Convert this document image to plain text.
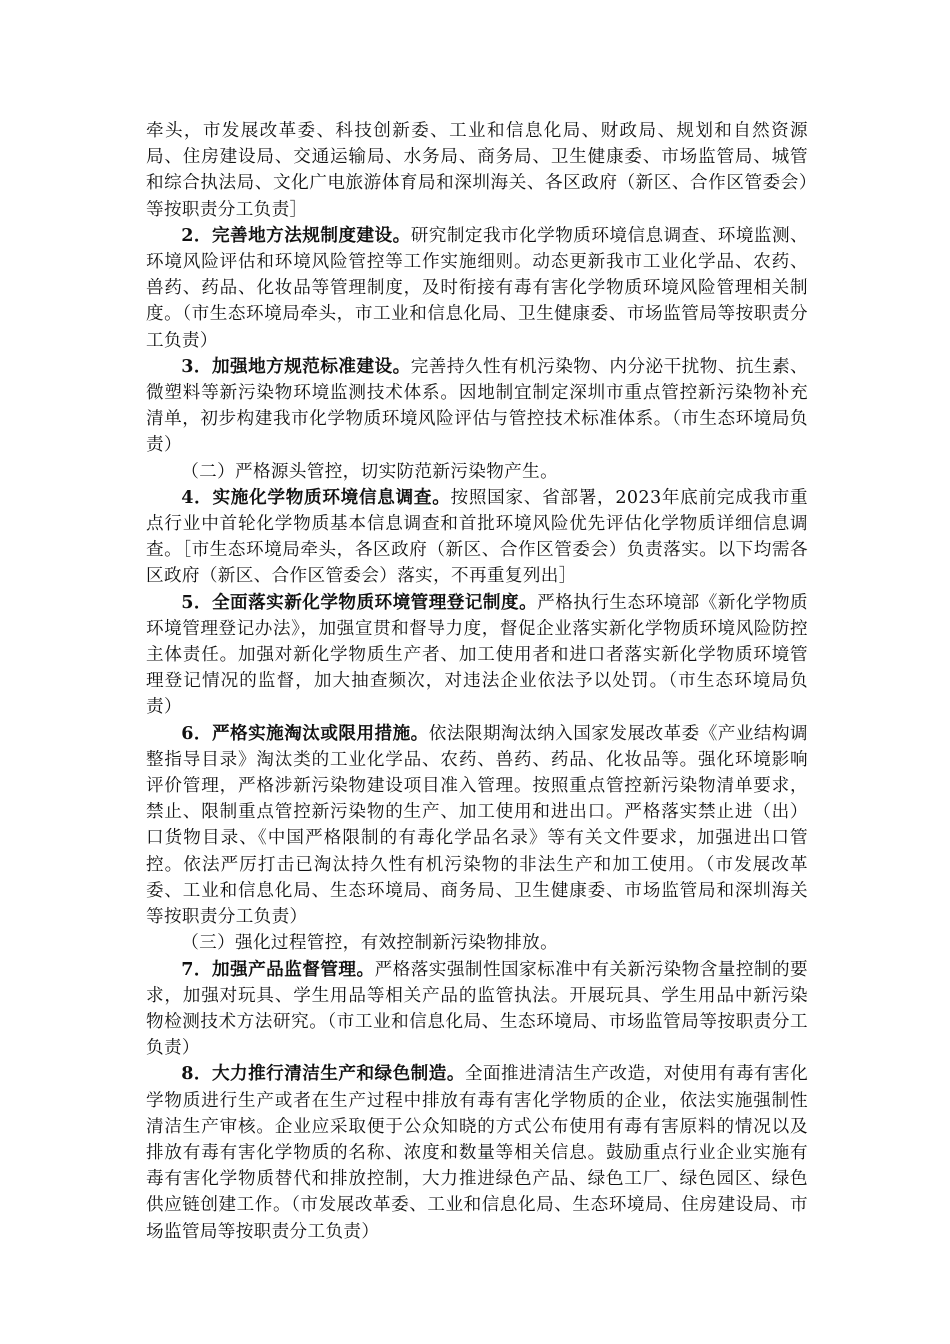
牵头，市发展改革委、科技创新委、工业和信息化局、财政局、规划和自然资源局、住房建设局、交通运输局、水务局、商务局、卫生健康委、市场监管局、城管和综合执法局、文化广电旅游体育局和深圳海关、各区政府（新区、合作区管委会）等按职责分工负责］

2．完善地方法规制度建设。研究制定我市化学物质环境信息调查、环境监测、环境风险评估和环境风险管控等工作实施细则。动态更新我市工业化学品、农药、兽药、药品、化妆品等管理制度，及时衔接有毒有害化学物质环境风险管理相关制度。（市生态环境局牵头，市工业和信息化局、卫生健康委、市场监管局等按职责分工负责）

3．加强地方规范标准建设。完善持久性有机污染物、内分泌干扰物、抗生素、微塑料等新污染物环境监测技术体系。因地制宜制定深圳市重点管控新污染物补充清单，初步构建我市化学物质环境风险评估与管控技术标准体系。（市生态环境局负责）

（二）严格源头管控，切实防范新污染物产生。

4．实施化学物质环境信息调查。按照国家、省部署，2023年底前完成我市重点行业中首轮化学物质基本信息调查和首批环境风险优先评估化学物质详细信息调查。［市生态环境局牵头，各区政府（新区、合作区管委会）负责落实。以下均需各区政府（新区、合作区管委会）落实，不再重复列出］

5．全面落实新化学物质环境管理登记制度。严格执行生态环境部《新化学物质环境管理登记办法》，加强宣贯和督导力度，督促企业落实新化学物质环境风险防控主体责任。加强对新化学物质生产者、加工使用者和进口者落实新化学物质环境管理登记情况的监督，加大抽查频次，对违法企业依法予以处罚。（市生态环境局负责）

6．严格实施淘汰或限用措施。依法限期淘汰纳入国家发展改革委《产业结构调整指导目录》淘汰类的工业化学品、农药、兽药、药品、化妆品等。强化环境影响评价管理，严格涉新污染物建设项目准入管理。按照重点管控新污染物清单要求，禁止、限制重点管控新污染物的生产、加工使用和进出口。严格落实禁止进（出）口货物目录、《中国严格限制的有毒化学品名录》等有关文件要求，加强进出口管控。依法严厉打击已淘汰持久性有机污染物的非法生产和加工使用。（市发展改革委、工业和信息化局、生态环境局、商务局、卫生健康委、市场监管局和深圳海关等按职责分工负责）

（三）强化过程管控，有效控制新污染物排放。

7．加强产品监督管理。严格落实强制性国家标准中有关新污染物含量控制的要求，加强对玩具、学生用品等相关产品的监管执法。开展玩具、学生用品中新污染物检测技术方法研究。（市工业和信息化局、生态环境局、市场监管局等按职责分工负责）

8．大力推行清洁生产和绿色制造。全面推进清洁生产改造，对使用有毒有害化学物质进行生产或者在生产过程中排放有毒有害化学物质的企业，依法实施强制性清洁生产审核。企业应采取便于公众知晓的方式公布使用有毒有害原料的情况以及排放有毒有害化学物质的名称、浓度和数量等相关信息。鼓励重点行业企业实施有毒有害化学物质替代和排放控制，大力推进绿色产品、绿色工厂、绿色园区、绿色供应链创建工作。（市发展改革委、工业和信息化局、生态环境局、住房建设局、市场监管局等按职责分工负责）
